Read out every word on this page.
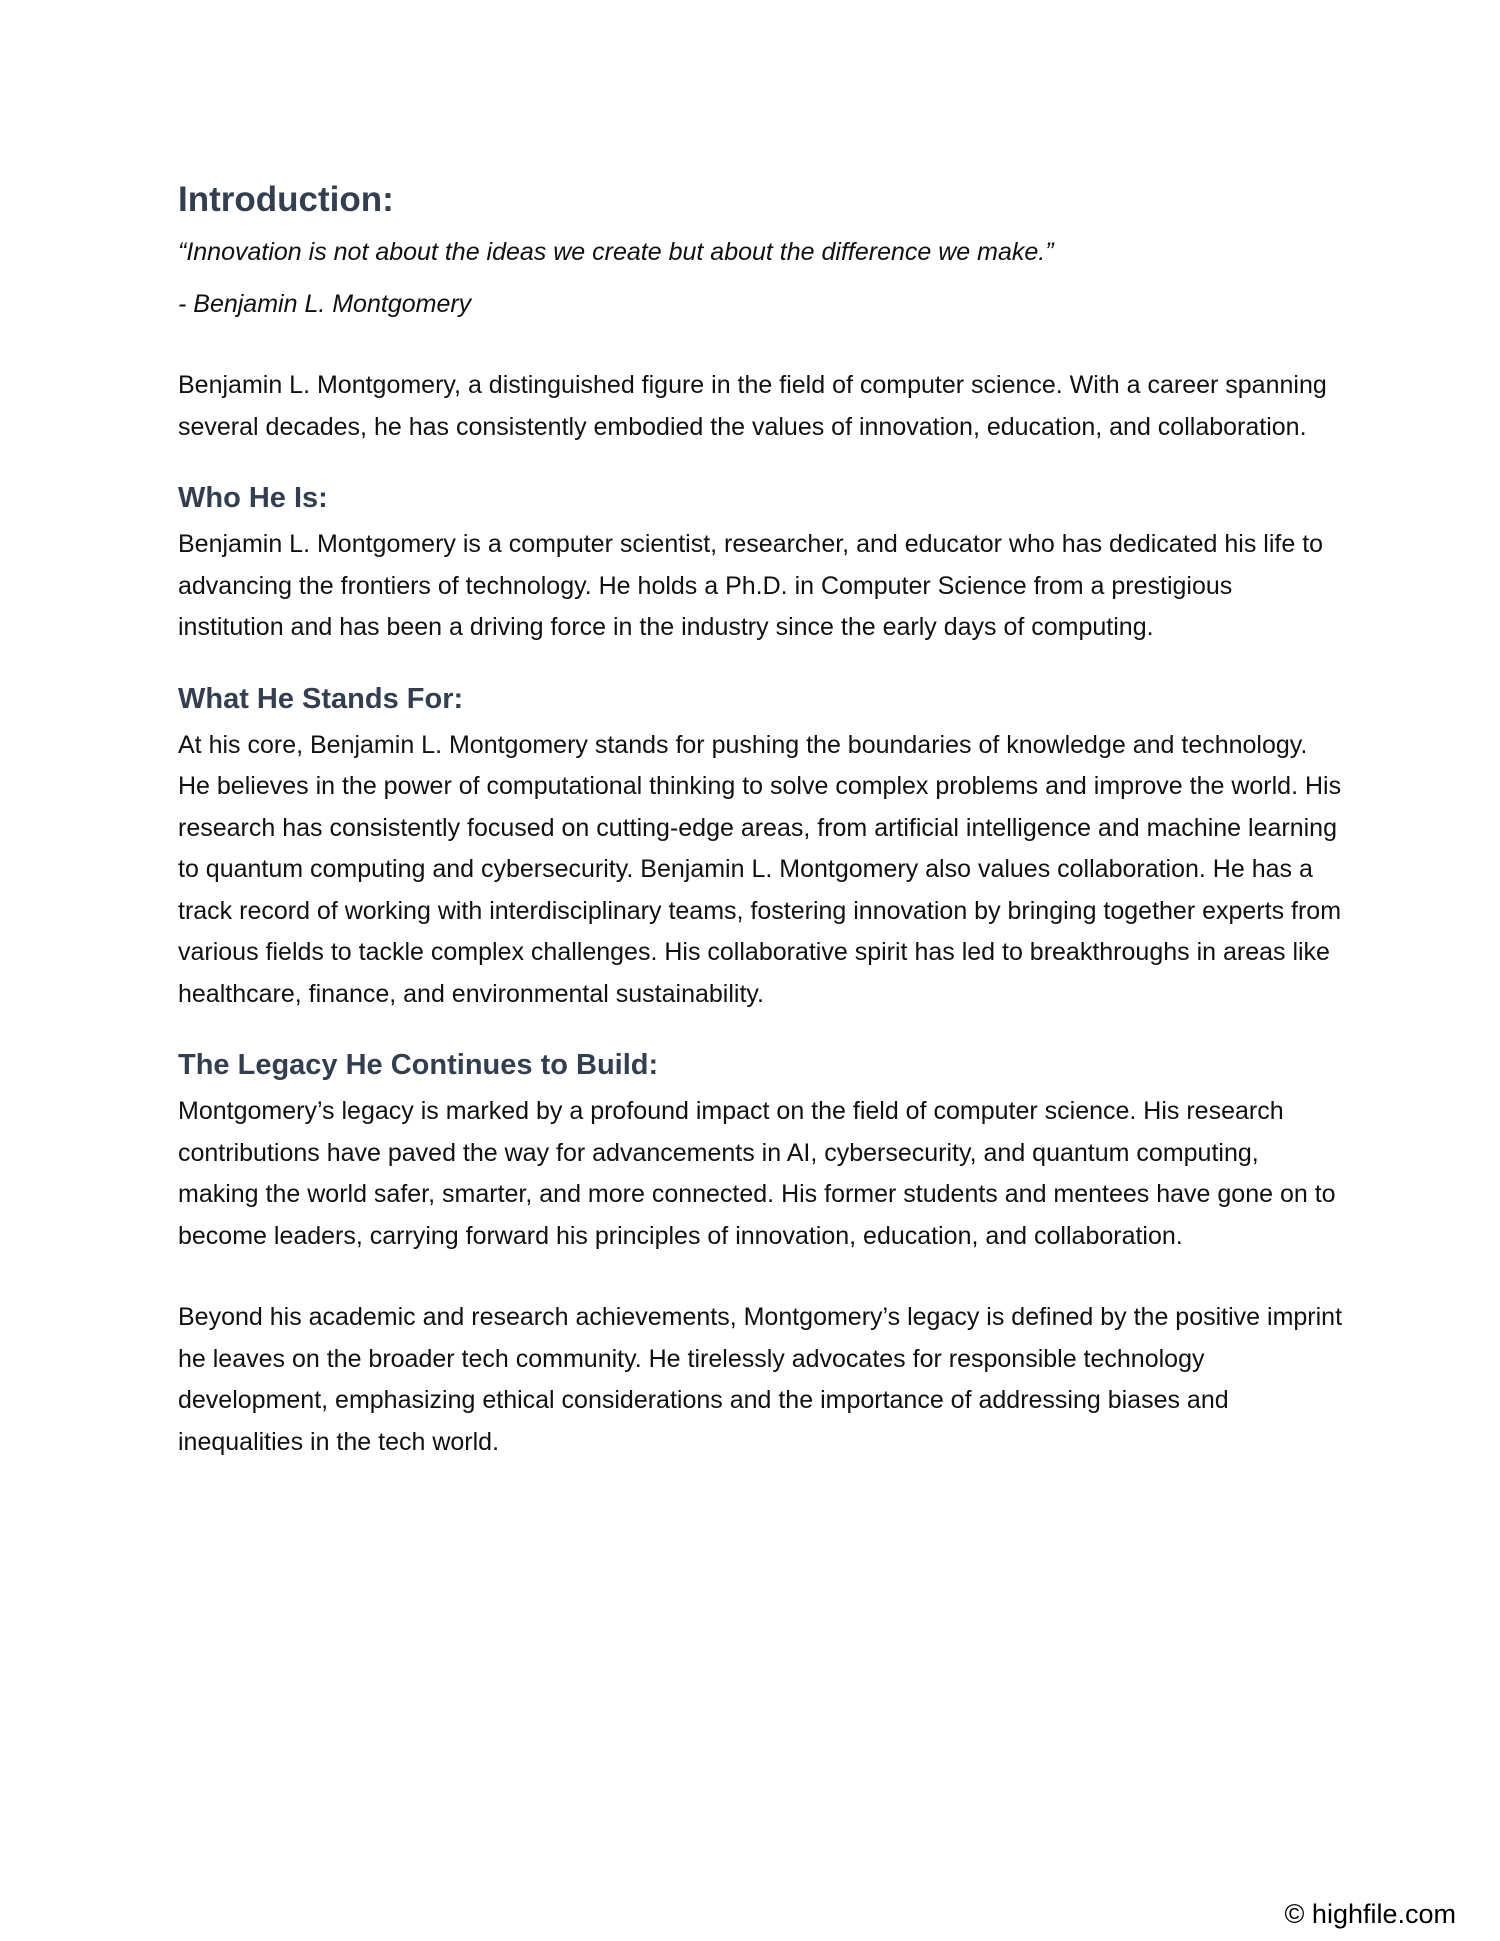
Introduction:

“Innovation is not about the ideas we create but about the difference we make.”

- Benjamin L. Montgomery

Benjamin L. Montgomery, a distinguished figure in the field of computer science. With a career spanning several decades, he has consistently embodied the values of innovation, education, and collaboration.

Who He Is:

Benjamin L. Montgomery is a computer scientist, researcher, and educator who has dedicated his life to advancing the frontiers of technology. He holds a Ph.D. in Computer Science from a prestigious institution and has been a driving force in the industry since the early days of computing.

What He Stands For:

At his core, Benjamin L. Montgomery stands for pushing the boundaries of knowledge and technology. He believes in the power of computational thinking to solve complex problems and improve the world. His research has consistently focused on cutting-edge areas, from artificial intelligence and machine learning to quantum computing and cybersecurity. Benjamin L. Montgomery also values collaboration. He has a track record of working with interdisciplinary teams, fostering innovation by bringing together experts from various fields to tackle complex challenges. His collaborative spirit has led to breakthroughs in areas like healthcare, finance, and environmental sustainability.

The Legacy He Continues to Build:

Montgomery’s legacy is marked by a profound impact on the field of computer science. His research contributions have paved the way for advancements in AI, cybersecurity, and quantum computing, making the world safer, smarter, and more connected. His former students and mentees have gone on to become leaders, carrying forward his principles of innovation, education, and collaboration.

Beyond his academic and research achievements, Montgomery’s legacy is defined by the positive imprint he leaves on the broader tech community. He tirelessly advocates for responsible technology development, emphasizing ethical considerations and the importance of addressing biases and inequalities in the tech world.

© highfile.com
